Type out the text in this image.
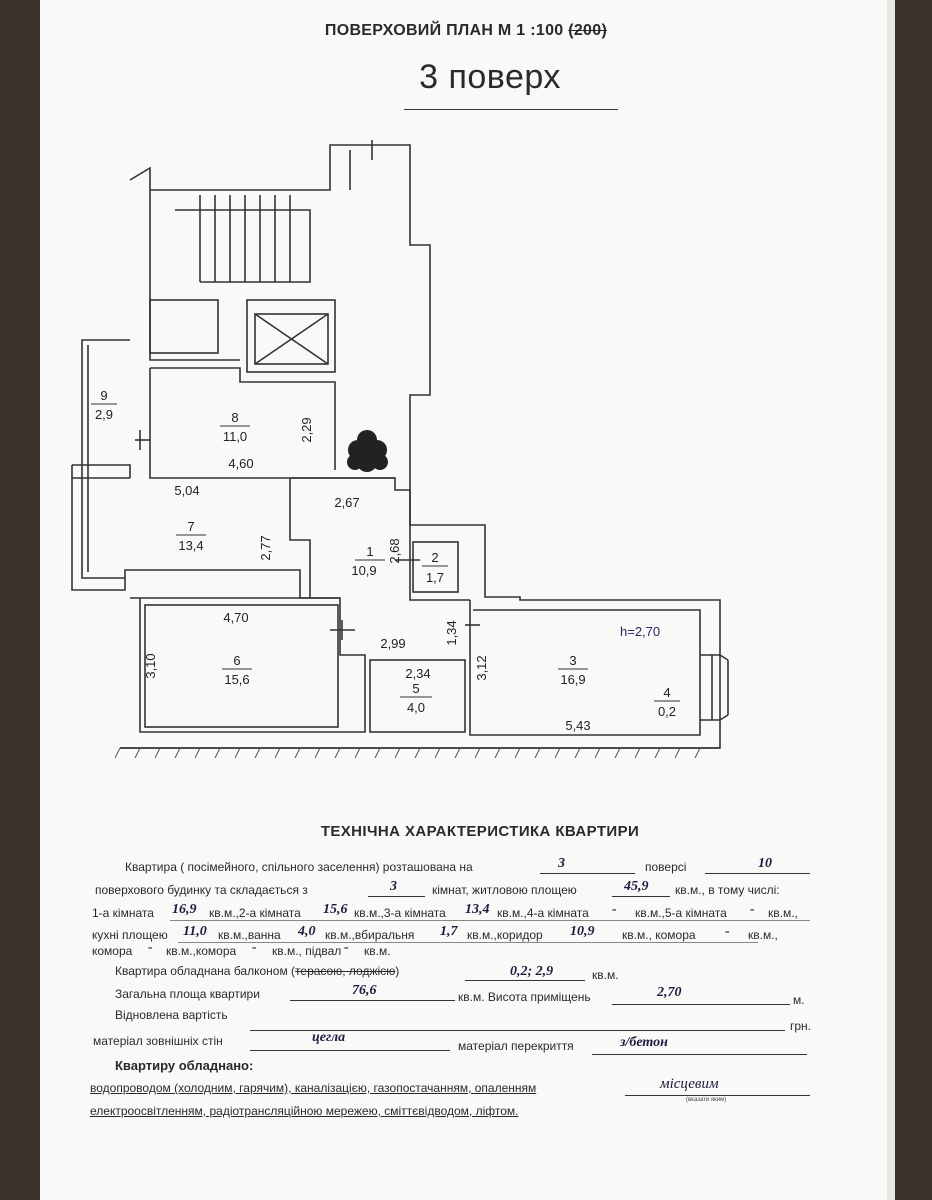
ПОВЕРХОВИЙ ПЛАН М 1 :100 (200)
3 поверх
1
10,9
2
1,7
3
16,9
4
0,2
5
4,0
6
15,6
7
13,4
8
11,0
9
2,9
h=2,70
2,29
4,60
5,04
2,67
2,77	2,68
4,70
2,99	1,34
3,10	2,34	3,12
5,43
ТЕХНІЧНА ХАРАКТЕРИСТИКА КВАРТИРИ
Квартира ( посімейного, спільного заселення) розташована на	3	поверсі	10
поверхового будинку та складається з	3	кімнат, житловою площею	45,9 кв.м., в тому числі:
1-а кімната 16,9 кв.м.,2-а кімната 15,6 кв.м.,3-а кімната 13,4 кв.м.,4-а кімната - кв.м.,5-а кімната - кв.м.,
кухні площею 11,0 кв.м.,ванна 4,0 кв.м.,вбиральня 1,7 кв.м.,коридор 10,9 кв.м., комора - кв.м.,
комора - кв.м.,комора - кв.м., підвал - кв.м.
Квартира обладнана балконом (терасою, лоджією)	0,2; 2,9	кв.м.
Загальна площа квартири	76,6	кв.м. Висота приміщень	2,70	м.
Відновлена вартість
грн.
матеріал зовнішніх стін	цегла
матеріал перекриття	з/бетон
Квартиру обладнано:
водопроводом (холодним, гарячим), каналізацією, газопостачанням, опаленням	місцевим
(вказати яким)
електроосвітленням, радіотрансляційною мережею, сміттєвідводом, ліфтом.
